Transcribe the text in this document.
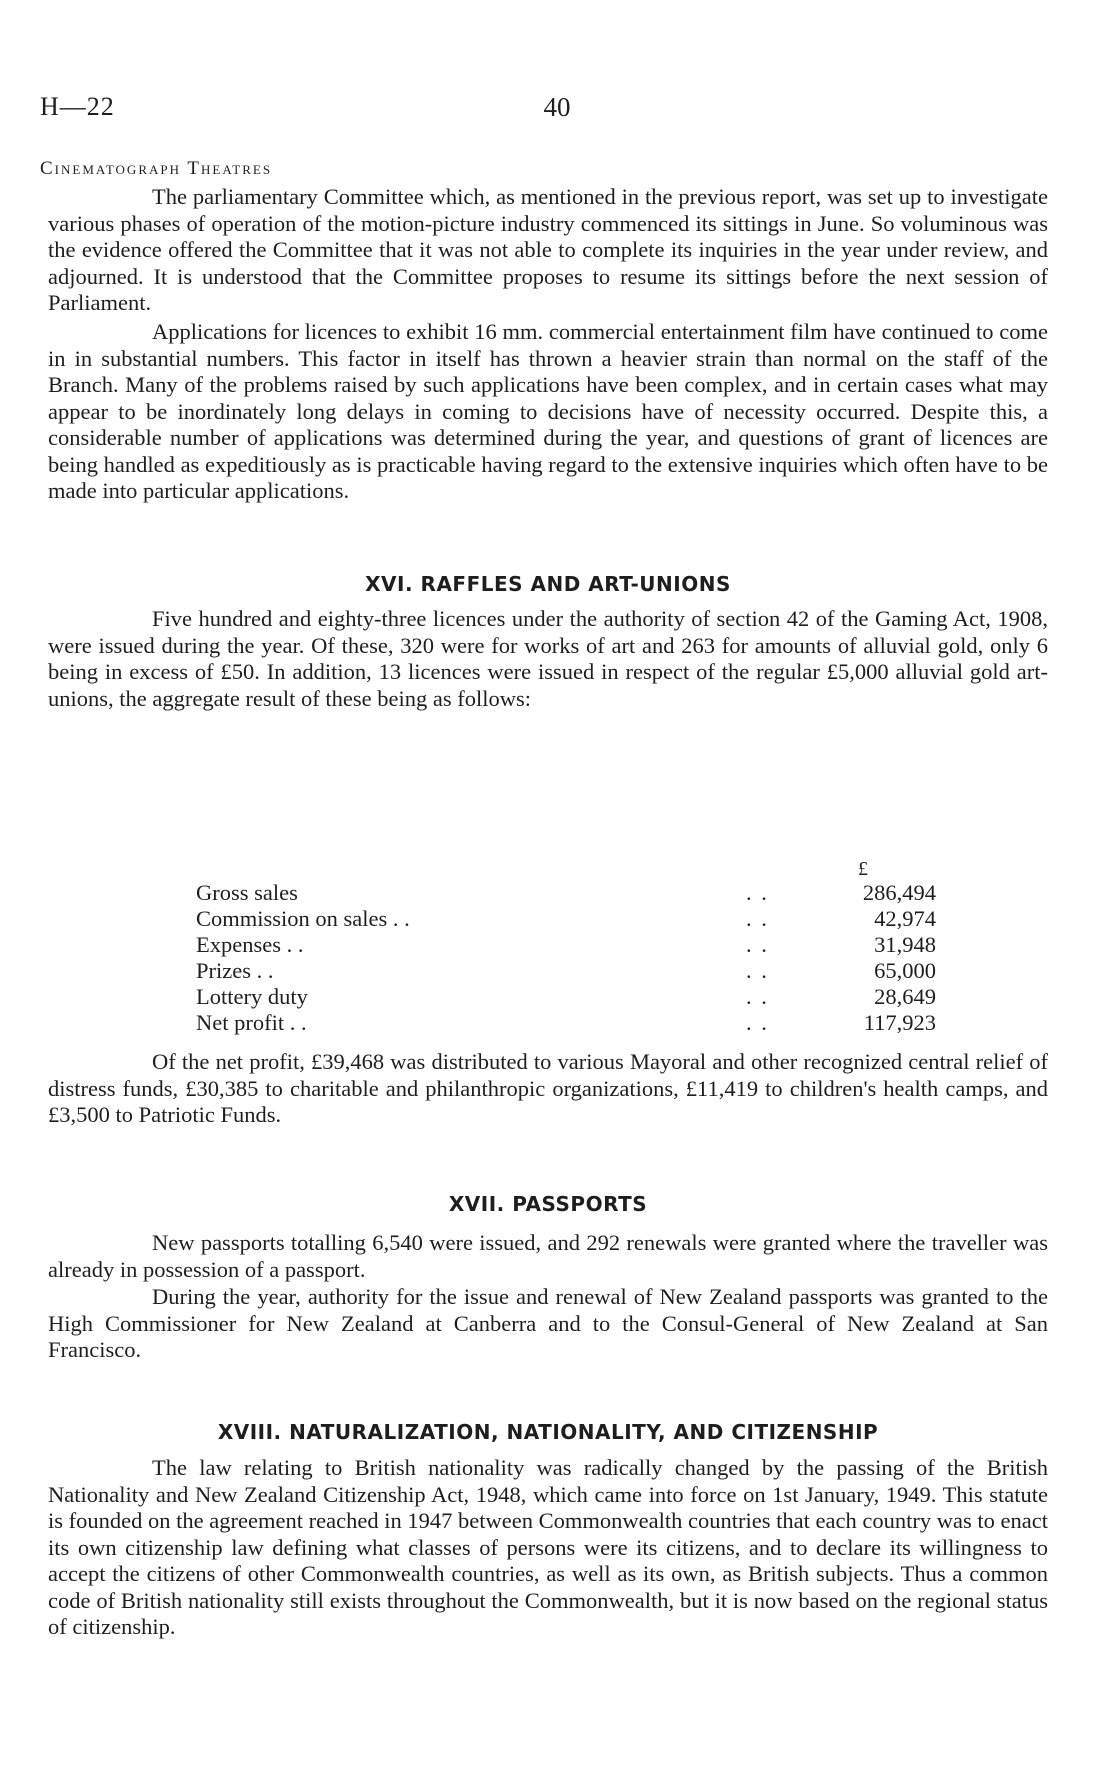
H—22	40
Cinematograph Theatres

The parliamentary Committee which, as mentioned in the previous report, was set up to investigate various phases of operation of the motion-picture industry commenced its sittings in June. So voluminous was the evidence offered the Committee that it was not able to complete its inquiries in the year under review, and adjourned. It is understood that the Committee proposes to resume its sittings before the next session of Parliament.

Applications for licences to exhibit 16 mm. commercial entertainment film have continued to come in in substantial numbers. This factor in itself has thrown a heavier strain than normal on the staff of the Branch. Many of the problems raised by such applications have been complex, and in certain cases what may appear to be inordinately long delays in coming to decisions have of necessity occurred. Despite this, a considerable number of applications was determined during the year, and questions of grant of licences are being handled as expeditiously as is practicable having regard to the extensive inquiries which often have to be made into particular applications.

XVI. RAFFLES AND ART-UNIONS

Five hundred and eighty-three licences under the authority of section 42 of the Gaming Act, 1908, were issued during the year. Of these, 320 were for works of art and 263 for amounts of alluvial gold, only 6 being in excess of £50. In addition, 13 licences were issued in respect of the regular £5,000 alluvial gold art-unions, the aggregate result of these being as follows:

£
Gross sales	. .	286,494
Commission on sales . .	. .	42,974
Expenses . .	. .	31,948
Prizes . .	. .	65,000
Lottery duty	. .	28,649
Net profit . .	. .	117,923

Of the net profit, £39,468 was distributed to various Mayoral and other recognized central relief of distress funds, £30,385 to charitable and philanthropic organizations, £11,419 to children's health camps, and £3,500 to Patriotic Funds.

XVII. PASSPORTS

New passports totalling 6,540 were issued, and 292 renewals were granted where the traveller was already in possession of a passport.

During the year, authority for the issue and renewal of New Zealand passports was granted to the High Commissioner for New Zealand at Canberra and to the Consul-General of New Zealand at San Francisco.

XVIII. NATURALIZATION, NATIONALITY, AND CITIZENSHIP

The law relating to British nationality was radically changed by the passing of the British Nationality and New Zealand Citizenship Act, 1948, which came into force on 1st January, 1949. This statute is founded on the agreement reached in 1947 between Commonwealth countries that each country was to enact its own citizenship law defining what classes of persons were its citizens, and to declare its willingness to accept the citizens of other Commonwealth countries, as well as its own, as British subjects. Thus a common code of British nationality still exists throughout the Commonwealth, but it is now based on the regional status of citizenship.
